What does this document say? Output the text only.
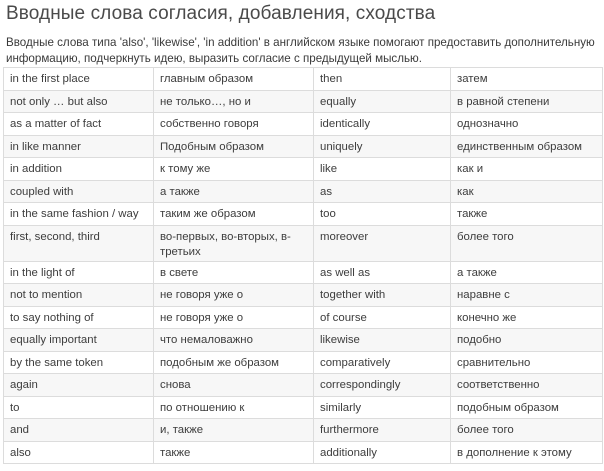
Вводные слова согласия, добавления, сходства
Вводные слова типа 'also', 'likewise', 'in addition' в английском языке помогают предоставить дополнительную информацию, подчеркнуть идею, выразить согласие с предыдущей мыслью.
in the first place	главным образом	then	затем
not only … but also	не только…, но и	equally	в равной степени
as a matter of fact	собственно говоря	identically	однозначно
in like manner	Подобным образом	uniquely	единственным образом
in addition	к тому же	like	как и
coupled with	а также	as	как
in the same fashion / way	таким же образом	too	также
first, second, third	во-первых, во-вторых, в-третьих	moreover	более того
in the light of	в свете	as well as	а также
not to mention	не говоря уже о	together with	наравне с
to say nothing of	не говоря уже о	of course	конечно же
equally important	что немаловажно	likewise	подобно
by the same token	подобным же образом	comparatively	сравнительно
again	снова	correspondingly	соответственно
to	по отношению к	similarly	подобным образом
and	и, также	furthermore	более того
also	также	additionally	в дополнение к этому
